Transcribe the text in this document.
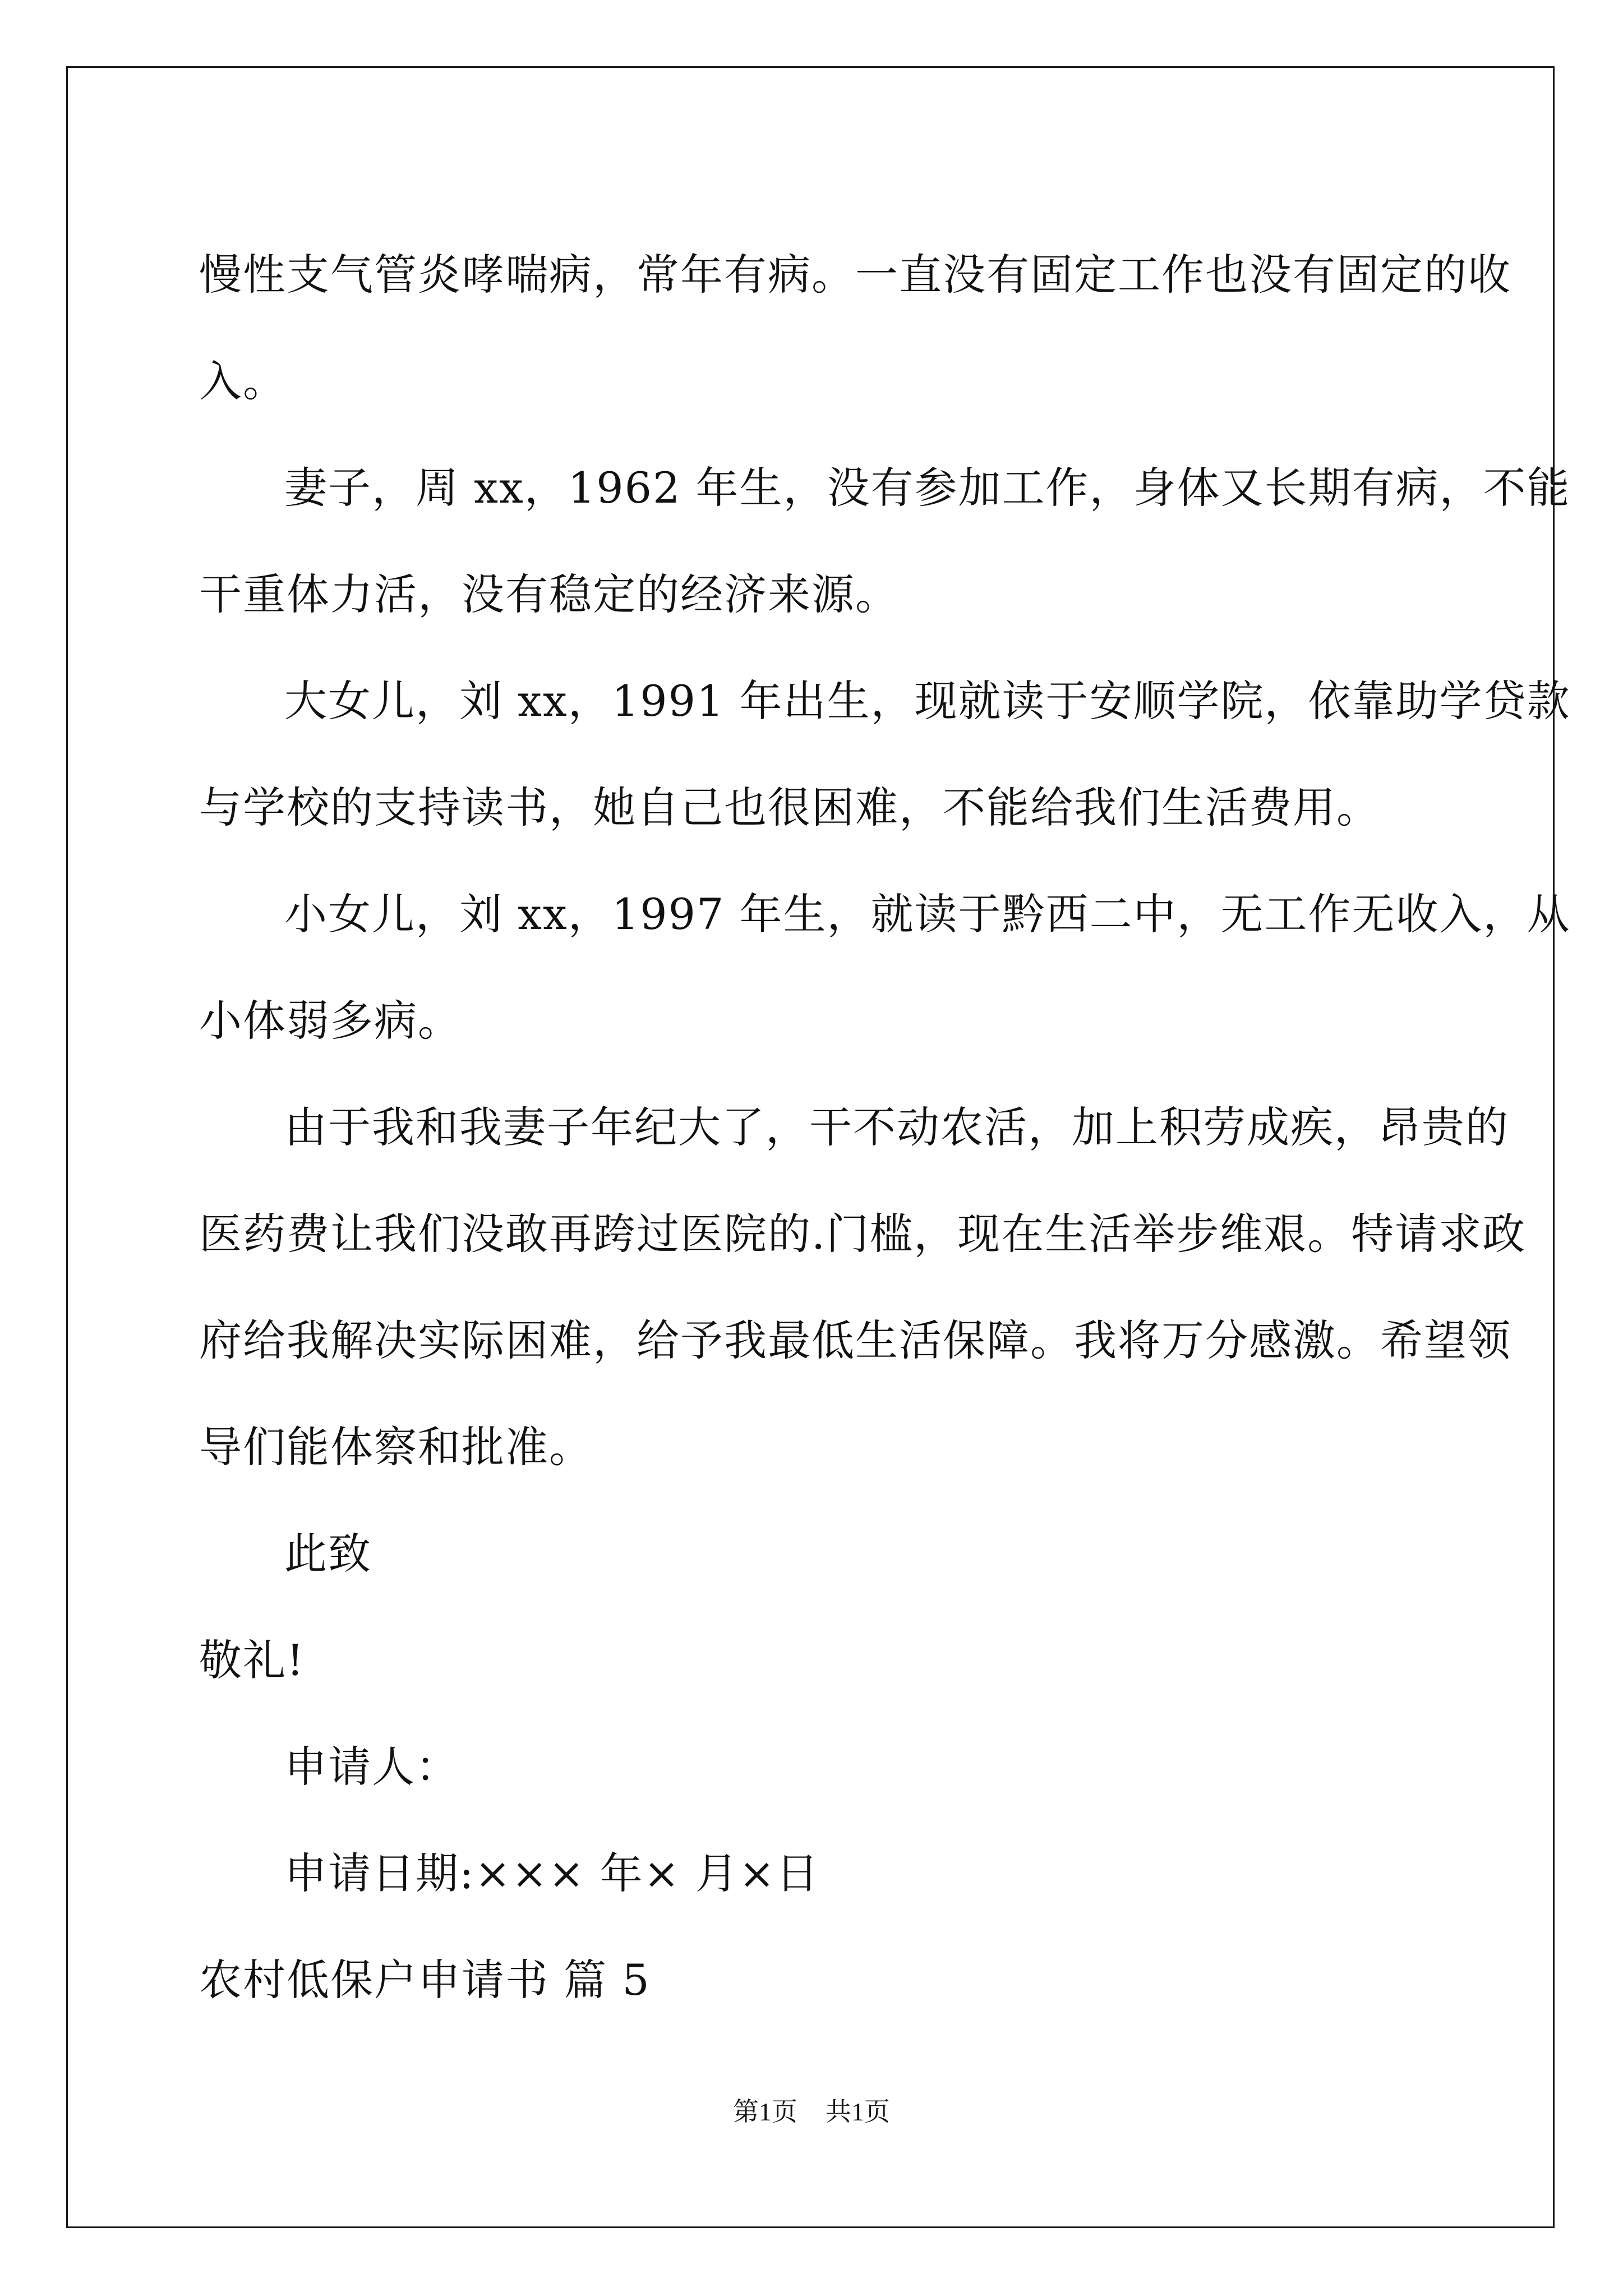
慢性支气管炎哮喘病，常年有病。一直没有固定工作也没有固定的收
入。
妻子，周 xx，1962 年生，没有参加工作，身体又长期有病，不能
干重体力活，没有稳定的经济来源。
大女儿，刘 xx，1991 年出生，现就读于安顺学院，依靠助学贷款
与学校的支持读书，她自己也很困难，不能给我们生活费用。
小女儿，刘 xx，1997 年生，就读于黔西二中，无工作无收入，从
小体弱多病。
由于我和我妻子年纪大了，干不动农活，加上积劳成疾，昂贵的
医药费让我们没敢再跨过医院的.门槛，现在生活举步维艰。特请求政
府给我解决实际困难，给予我最低生活保障。我将万分感激。希望领
导们能体察和批准。
此致
敬礼!
申请人：
申请日期:××× 年× 月×日
农村低保户申请书 篇 5
第1页 共1页
